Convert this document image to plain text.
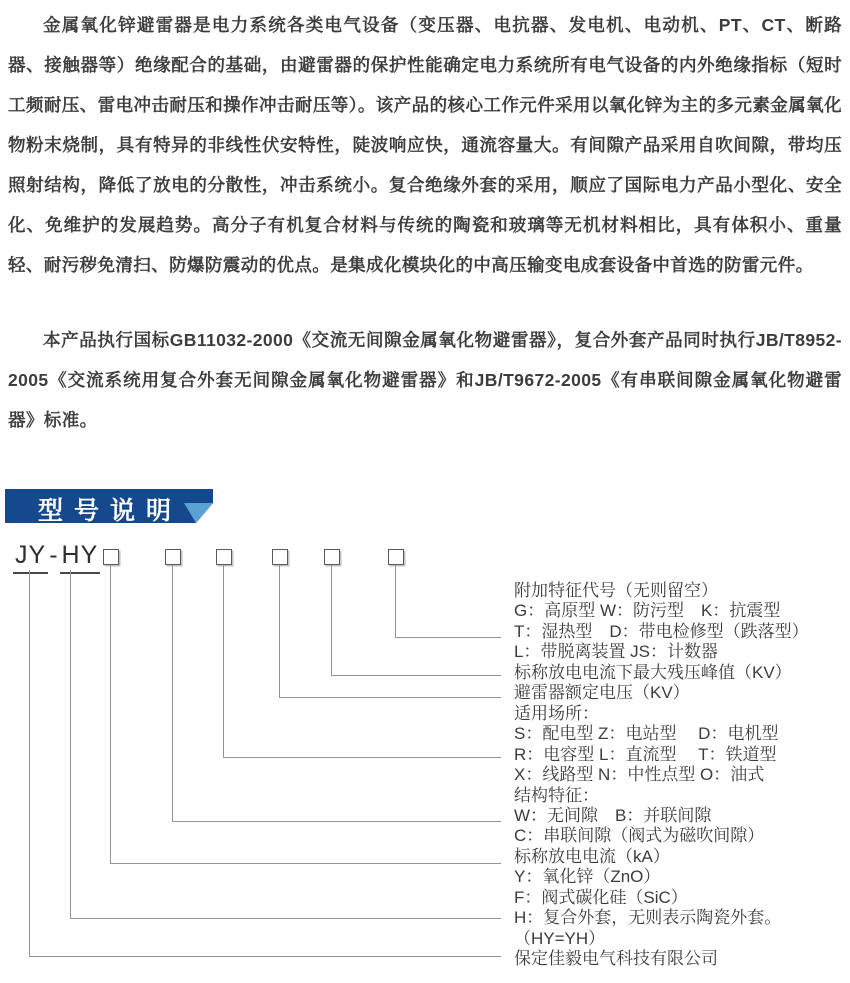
金属氧化锌避雷器是电力系统各类电气设备（变压器、电抗器、发电机、电动机、PT、CT、断路器、接触器等）绝缘配合的基础，由避雷器的保护性能确定电力系统所有电气设备的内外绝缘指标（短时工频耐压、雷电冲击耐压和操作冲击耐压等）。该产品的核心工作元件采用以氧化锌为主的多元素金属氧化物粉末烧制，具有特异的非线性伏安特性，陡波响应快，通流容量大。有间隙产品采用自吹间隙，带均压照射结构，降低了放电的分散性，冲击系统小。复合绝缘外套的采用，顺应了国际电力产品小型化、安全化、免维护的发展趋势。高分子有机复合材料与传统的陶瓷和玻璃等无机材料相比，具有体积小、重量轻、耐污秽免清扫、防爆防震动的优点。是集成化模块化的中高压输变电成套设备中首选的防雷元件。

本产品执行国标GB11032-2000《交流无间隙金属氧化物避雷器》，复合外套产品同时执行JB/T8952-2005《交流系统用复合外套无间隙金属氧化物避雷器》和JB/T9672-2005《有串联间隙金属氧化物避雷器》标准。

型号说明
JY - HY
附加特征代号（无则留空）
G：高原型 W：防污型　K：抗震型
T：湿热型　D：带电检修型（跌落型）
L：带脱离装置 JS：计数器
标称放电电流下最大残压峰值（KV）
避雷器额定电压（KV）
适用场所：
S：配电型 Z：电站型　 D：电机型
R：电容型 L：直流型　 T：铁道型
X：线路型 N：中性点型 O：油式
结构特征：
W：无间隙　B：并联间隙
C：串联间隙（阀式为磁吹间隙）
标称放电电流（kA）
Y：氧化锌（ZnO）
F：阀式碳化硅（SiC）
H：复合外套，无则表示陶瓷外套。
（HY=YH）
保定佳毅电气科技有限公司
